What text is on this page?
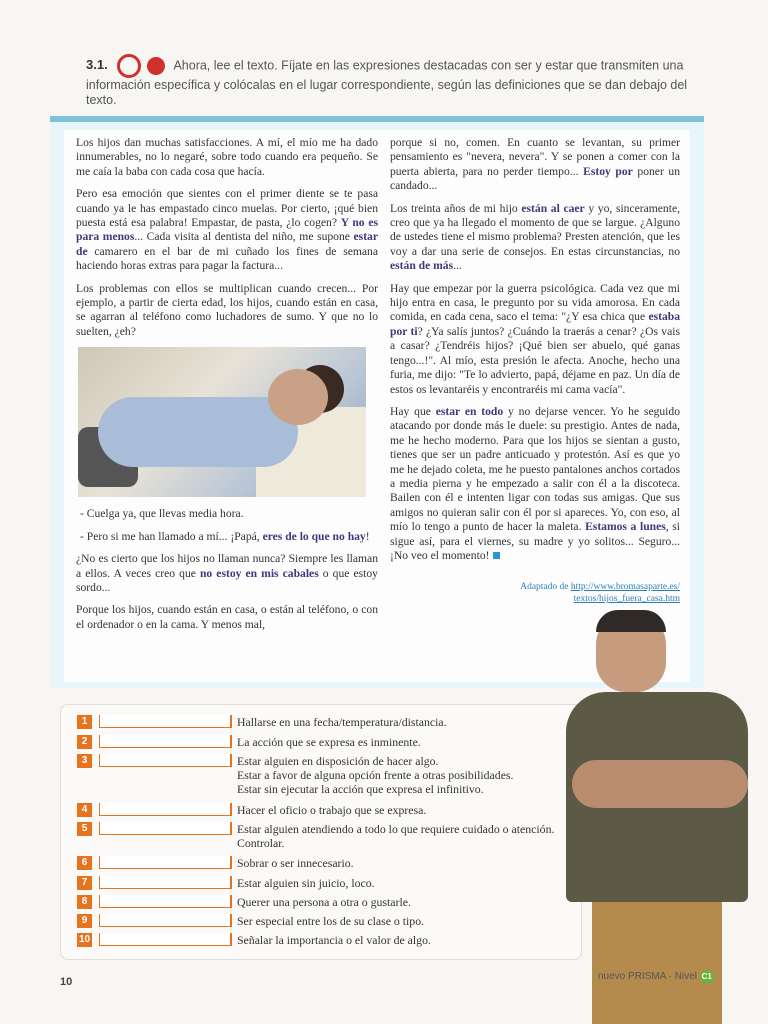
3.1.	Ahora, lee el texto. Fíjate en las expresiones destacadas con ser y estar que transmiten una información específica y colócalas en el lugar correspondiente, según las definiciones que se dan debajo del texto.

Los hijos dan muchas satisfacciones. A mí, el mío me ha dado innumerables, no lo negaré, sobre todo cuando era pequeño. Se me caía la baba con cada cosa que hacía.

Pero esa emoción que sientes con el primer diente se te pasa cuando ya le has empastado cinco muelas. Por cierto, ¡qué bien puesta está esa palabra! Empastar, de pasta, ¿lo cogen? Y no es para menos... Cada visita al dentista del niño, me supone estar de camarero en el bar de mi cuñado los fines de semana haciendo horas extras para pagar la factura...

Los problemas con ellos se multiplican cuando crecen... Por ejemplo, a partir de cierta edad, los hijos, cuando están en casa, se agarran al teléfono como luchadores de sumo. Y que no lo suelten, ¿eh?

- Cuelga ya, que llevas media hora.

- Pero si me han llamado a mí... ¡Papá, eres de lo que no hay!

¿No es cierto que los hijos no llaman nunca? Siempre les llaman a ellos. A veces creo que no estoy en mis cabales o que estoy sordo...

Porque los hijos, cuando están en casa, o están al teléfono, o con el ordenador o en la cama. Y menos mal,

porque si no, comen. En cuanto se levantan, su primer pensamiento es "nevera, nevera". Y se ponen a comer con la puerta abierta, para no perder tiempo... Estoy por poner un candado...

Los treinta años de mi hijo están al caer y yo, sinceramente, creo que ya ha llegado el momento de que se largue. ¿Alguno de ustedes tiene el mismo problema? Presten atención, que les voy a dar una serie de consejos. En estas circunstancias, no están de más...

Hay que empezar por la guerra psicológica. Cada vez que mi hijo entra en casa, le pregunto por su vida amorosa. En cada comida, en cada cena, saco el tema: "¿Y esa chica que estaba por ti? ¿Ya salís juntos? ¿Cuándo la traerás a cenar? ¿Os vais a casar? ¿Tendréis hijos? ¡Qué bien ser abuelo, qué ganas tengo...!". Al mío, esta presión le afecta. Anoche, hecho una furia, me dijo: "Te lo advierto, papá, déjame en paz. Un día de estos os levantaréis y encontraréis mi cama vacía".

Hay que estar en todo y no dejarse vencer. Yo he seguido atacando por donde más le duele: su prestigio. Antes de nada, me he hecho moderno. Para que los hijos se sientan a gusto, tienes que ser un padre anticuado y protestón. Así es que yo me he dejado coleta, me he puesto pantalones anchos cortados a media pierna y he empezado a salir con él a la discoteca. Bailen con él e intenten ligar con todas sus amigas. Que sus amigos no quieran salir con él por si apareces. Yo, con eso, al mío lo tengo a punto de hacer la maleta. Estamos a lunes, si sigue así, para el viernes, su madre y yo solitos... Seguro... ¡No veo el momento!

Adaptado de http://www.bromasaparte.es/
textos/hijos_fuera_casa.htm
1	Hallarse en una fecha/temperatura/distancia.
2	La acción que se expresa es inminente.
3	Estar alguien en disposición de hacer algo.
Estar a favor de alguna opción frente a otras posibilidades.
Estar sin ejecutar la acción que expresa el infinitivo.
4	Hacer el oficio o trabajo que se expresa.
5	Estar alguien atendiendo a todo lo que requiere cuidado o atención. Controlar.
6	Sobrar o ser innecesario.
7	Estar alguien sin juicio, loco.
8	Querer una persona a otra o gustarle.
9	Ser especial entre los de su clase o tipo.
10	Señalar la importancia o el valor de algo.
10	nuevo PRISMA · Nivel C1
